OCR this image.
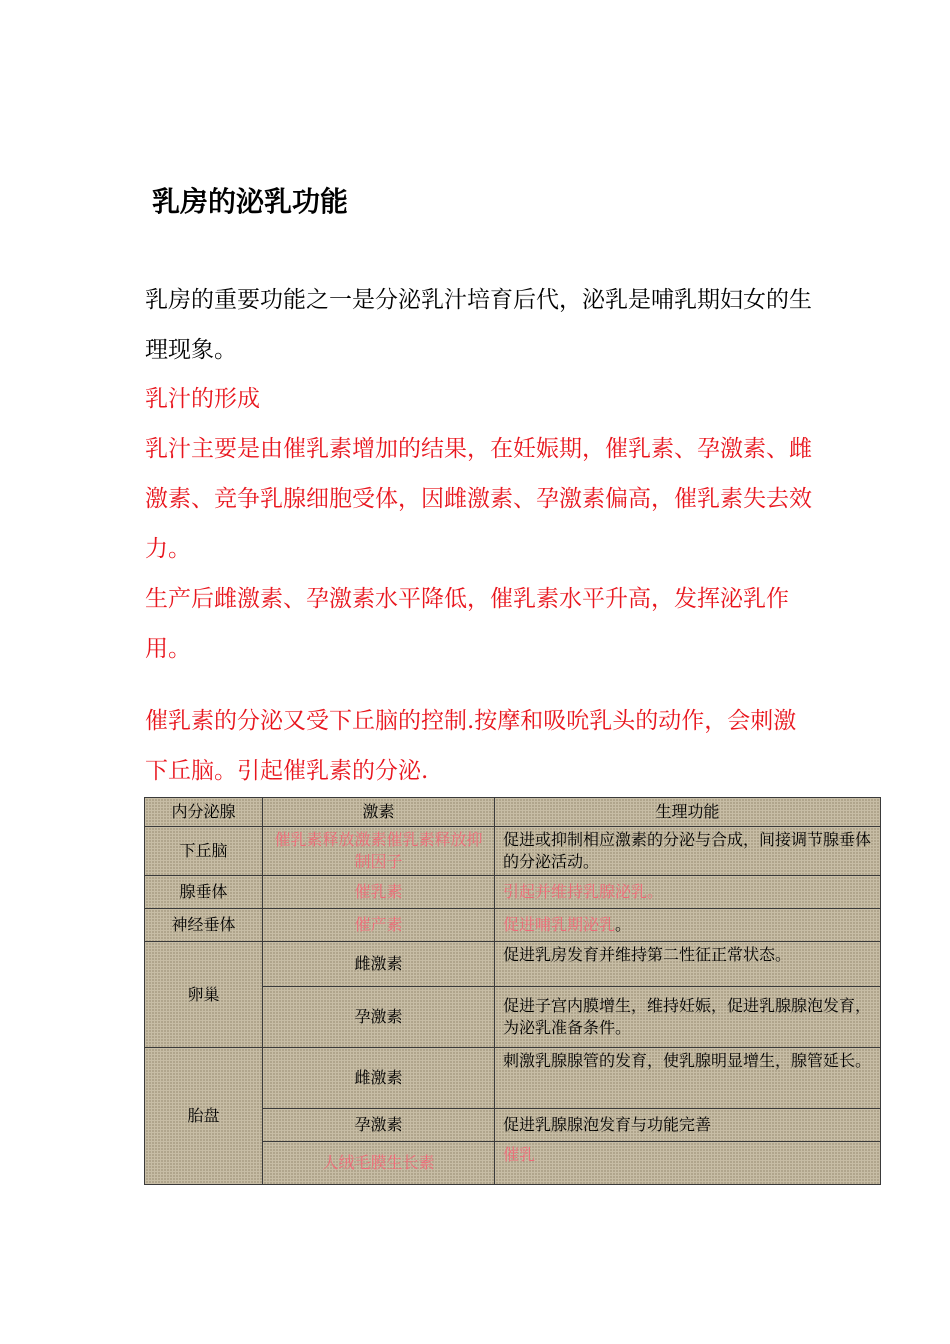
乳房的泌乳功能

乳房的重要功能之一是分泌乳汁培育后代，泌乳是哺乳期妇女的生理现象。

乳汁的形成

乳汁主要是由催乳素增加的结果，在妊娠期，催乳素、孕激素、雌激素、竞争乳腺细胞受体，因雌激素、孕激素偏高，催乳素失去效力。

生产后雌激素、孕激素水平降低，催乳素水平升高，发挥泌乳作用。

催乳素的分泌又受下丘脑的控制.按摩和吸吮乳头的动作，会刺激下丘脑。引起催乳素的分泌.

内分泌腺	激素	生理功能
下丘脑	催乳素释放激素催乳素释放抑制因子	促进或抑制相应激素的分泌与合成，间接调节腺垂体的分泌活动。
腺垂体	催乳素	引起并维持乳腺泌乳。
神经垂体	催产素	促进哺乳期泌乳。
卵巢	雌激素	促进乳房发育并维持第二性征正常状态。
	孕激素	促进子宫内膜增生，维持妊娠，促进乳腺腺泡发育，为泌乳准备条件。
胎盘	雌激素	刺激乳腺腺管的发育，使乳腺明显增生，腺管延长。
	孕激素	促进乳腺腺泡发育与功能完善
	人绒毛膜生长素	催乳
